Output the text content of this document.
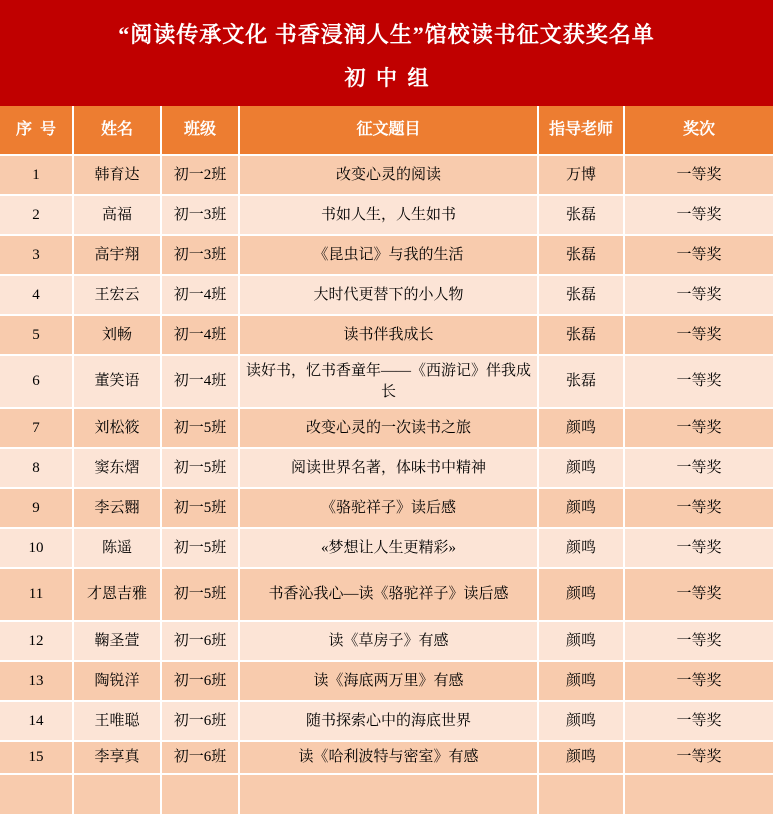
“阅读传承文化 书香浸润人生”馆校读书征文获奖名单
初  中  组
序  号	姓名	班级	征文题目	指导老师	奖次
1	韩育达	初一2班	改变心灵的阅读	万博	一等奖
2	高福	初一3班	书如人生，人生如书	张磊	一等奖
3	高宇翔	初一3班	《昆虫记》与我的生活	张磊	一等奖
4	王宏云	初一4班	大时代更替下的小人物	张磊	一等奖
5	刘畅	初一4班	读书伴我成长	张磊	一等奖
6	董笑语	初一4班	读好书，忆书香童年——《西游记》伴我成长	张磊	一等奖
7	刘松筱	初一5班	改变心灵的一次读书之旅	颜鸣	一等奖
8	窦东熠	初一5班	阅读世界名著，体味书中精神	颜鸣	一等奖
9	李云翾	初一5班	《骆驼祥子》读后感	颜鸣	一等奖
10	陈遥	初一5班	«梦想让人生更精彩»	颜鸣	一等奖
11	才恩吉雅	初一5班	书香沁我心—读《骆驼祥子》读后感	颜鸣	一等奖
12	鞠圣萱	初一6班	读《草房子》有感	颜鸣	一等奖
13	陶锐洋	初一6班	读《海底两万里》有感	颜鸣	一等奖
14	王唯聪	初一6班	随书探索心中的海底世界	颜鸣	一等奖
15	李享真	初一6班	读《哈利波特与密室》有感	颜鸣	一等奖
